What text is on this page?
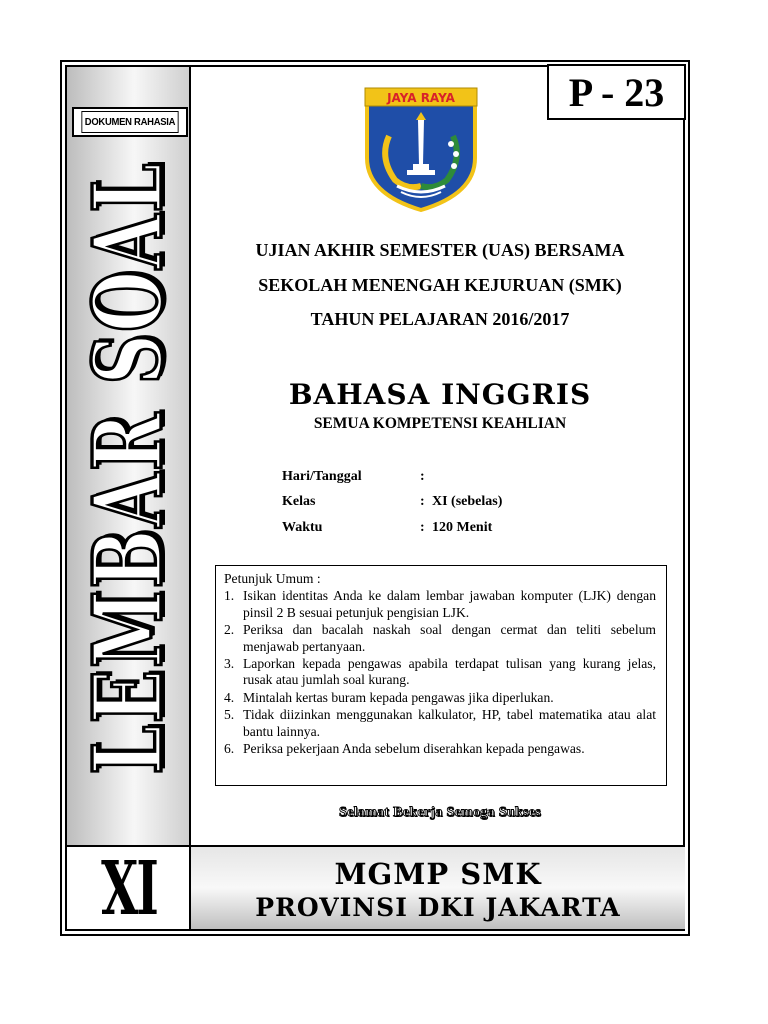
DOKUMEN RAHASIA
LEMBAR SOAL
P - 23
JAYA RAYA
UJIAN AKHIR SEMESTER (UAS) BERSAMA
SEKOLAH MENENGAH KEJURUAN (SMK)
TAHUN PELAJARAN 2016/2017
BAHASA INGGRIS
SEMUA KOMPETENSI KEAHLIAN
Hari/Tanggal	:
Kelas	: XI (sebelas)
Waktu	: 120 Menit
Petunjuk Umum :
1. Isikan identitas Anda ke dalam lembar jawaban komputer (LJK) dengan pinsil 2 B sesuai petunjuk pengisian LJK.
2. Periksa dan bacalah naskah soal dengan cermat dan teliti sebelum menjawab pertanyaan.
3. Laporkan kepada pengawas apabila terdapat tulisan yang kurang jelas, rusak atau jumlah soal kurang.
4. Mintalah kertas buram kepada pengawas jika diperlukan.
5. Tidak diizinkan menggunakan kalkulator, HP, tabel matematika atau alat bantu lainnya.
6. Periksa pekerjaan Anda sebelum diserahkan kepada pengawas.
Selamat Bekerja Semoga Sukses
XI	MGMP SMK
PROVINSI DKI JAKARTA
